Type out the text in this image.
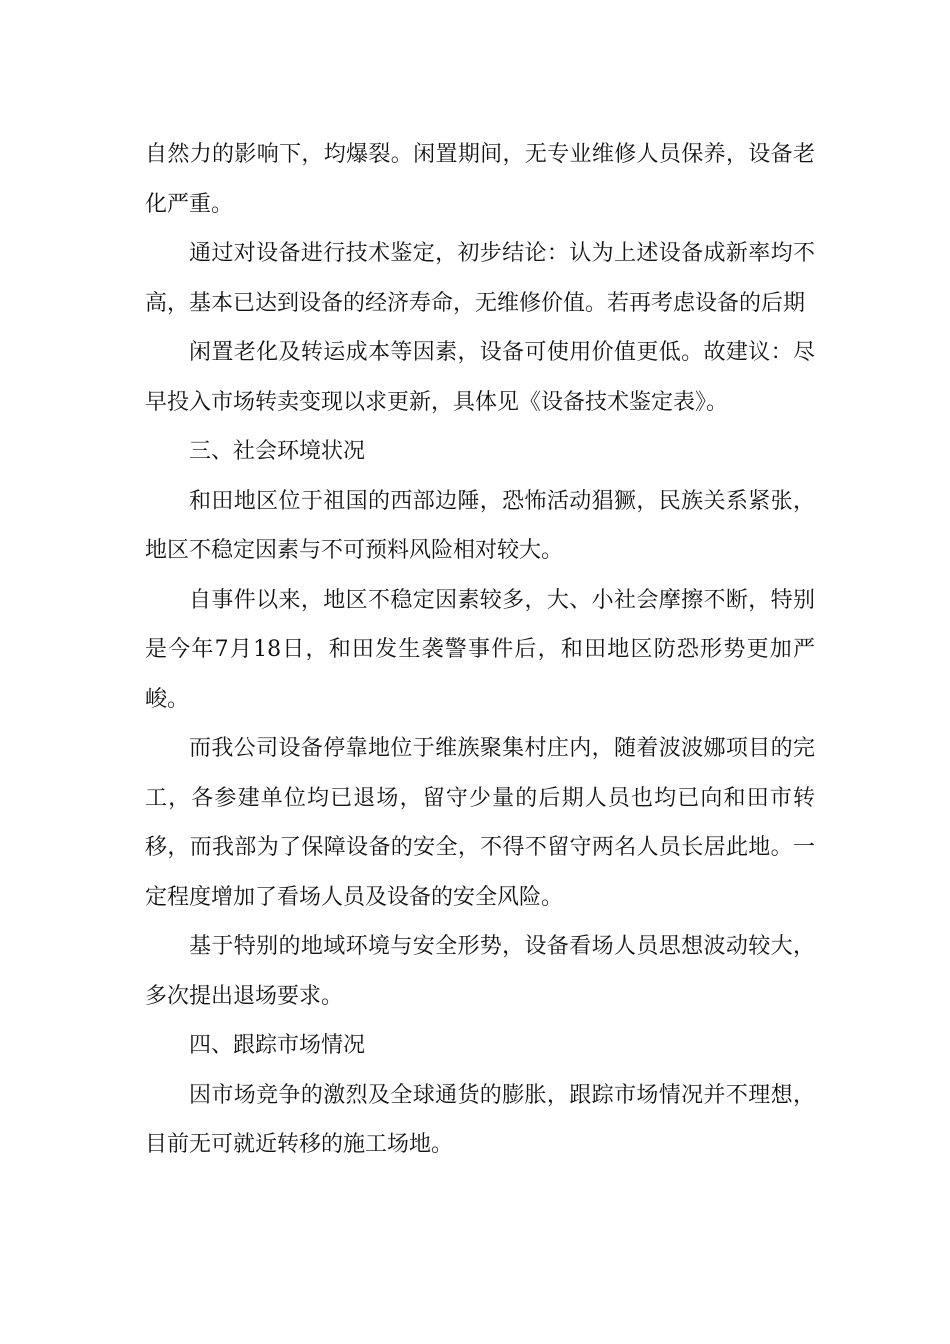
自然力的影响下，均爆裂。闲置期间，无专业维修人员保养，设备老化严重。

通过对设备进行技术鉴定，初步结论：认为上述设备成新率均不高，基本已达到设备的经济寿命，无维修价值。若再考虑设备的后期

闲置老化及转运成本等因素，设备可使用价值更低。故建议：尽早投入市场转卖变现以求更新，具体见《设备技术鉴定表》。

三、社会环境状况

和田地区位于祖国的西部边陲，恐怖活动猖獗，民族关系紧张，地区不稳定因素与不可预料风险相对较大。

自事件以来，地区不稳定因素较多，大、小社会摩擦不断，特别是今年7月18日，和田发生袭警事件后，和田地区防恐形势更加严峻。

而我公司设备停靠地位于维族聚集村庄内，随着波波娜项目的完工，各参建单位均已退场，留守少量的后期人员也均已向和田市转移，而我部为了保障设备的安全，不得不留守两名人员长居此地。一定程度增加了看场人员及设备的安全风险。

基于特别的地域环境与安全形势，设备看场人员思想波动较大，多次提出退场要求。

四、跟踪市场情况

因市场竞争的激烈及全球通货的膨胀，跟踪市场情况并不理想，目前无可就近转移的施工场地。
